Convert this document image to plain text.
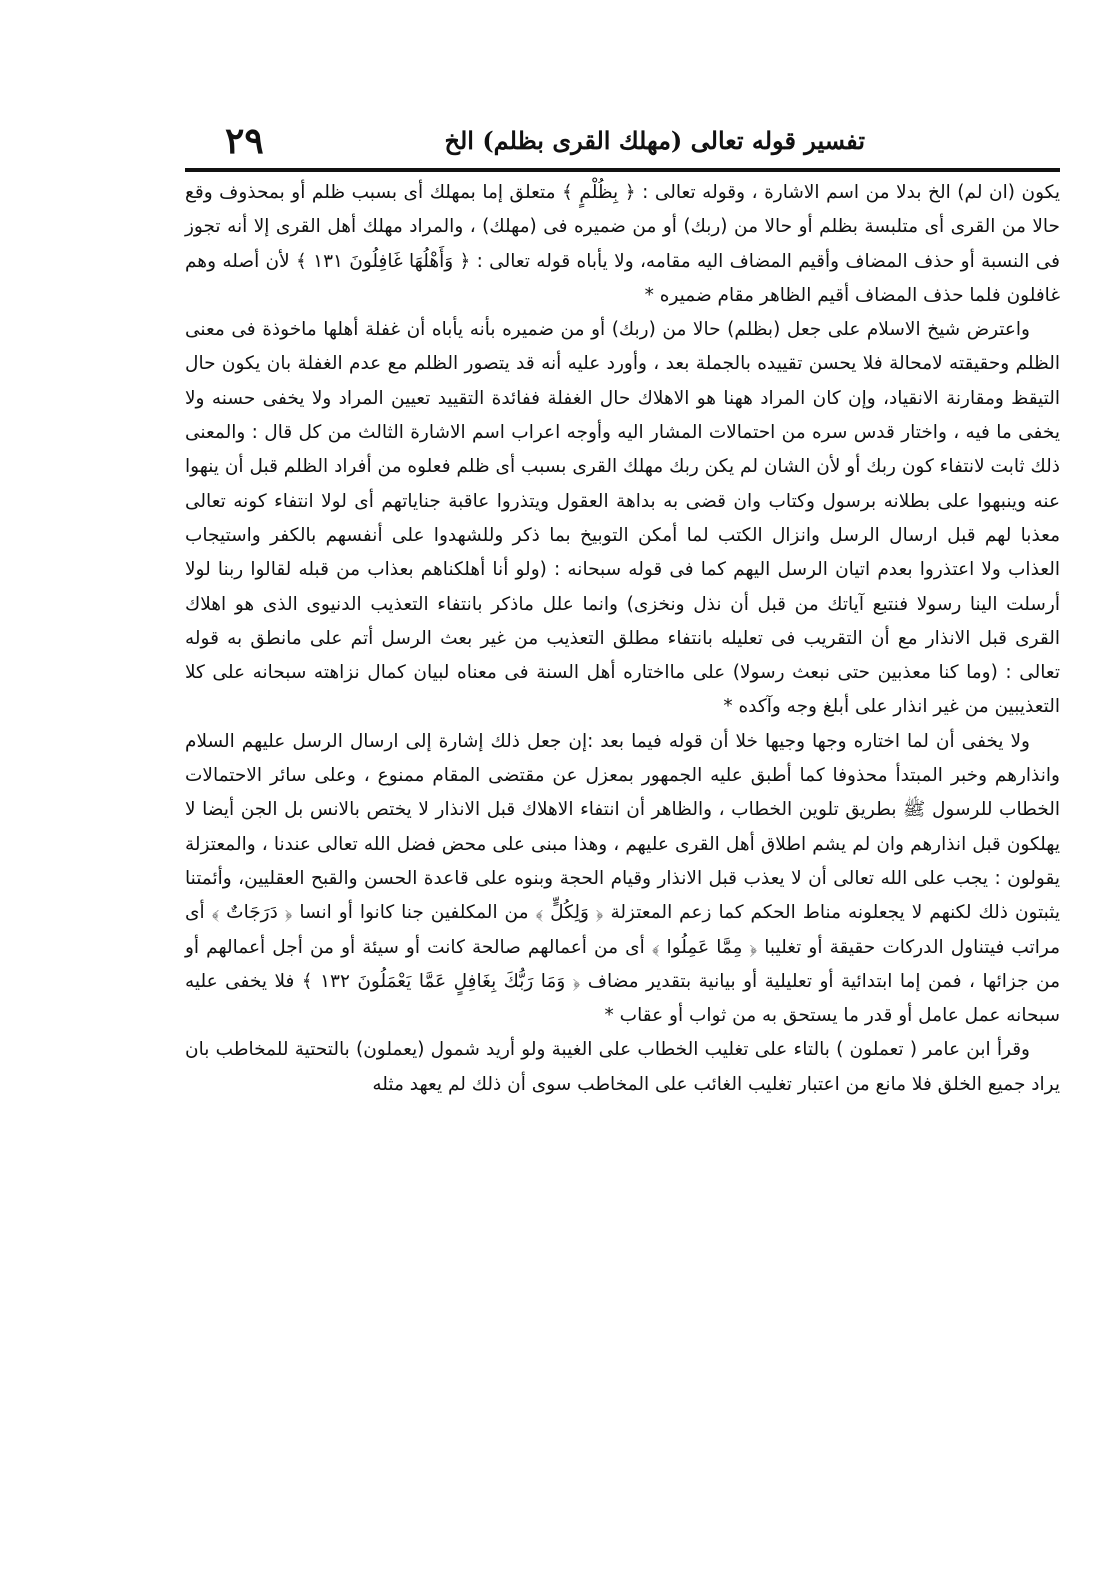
تفسير قوله تعالى (مهلك القرى بظلم) الخ
٢٩

يكون (ان لم) الخ بدلا من اسم الاشارة ، وقوله تعالى : ﴿ بِظُلْمٍ ﴾ متعلق إما بمهلك أى بسبب ظلم أو بمحذوف وقع حالا من القرى أى متلبسة بظلم أو حالا من (ربك) أو من ضميره فى (مهلك) ، والمراد مهلك أهل القرى إلا أنه تجوز فى النسبة أو حذف المضاف وأقيم المضاف اليه مقامه، ولا يأباه قوله تعالى : ﴿ وَأَهْلُهَا غَافِلُونَ ١٣١ ﴾ لأن أصله وهم غافلون فلما حذف المضاف أقيم الظاهر مقام ضميره *

واعترض شيخ الاسلام على جعل (بظلم) حالا من (ربك) أو من ضميره بأنه يأباه أن غفلة أهلها ماخوذة فى معنى الظلم وحقيقته لامحالة فلا يحسن تقييده بالجملة بعد ، وأورد عليه أنه قد يتصور الظلم مع عدم الغفلة بان يكون حال التيقظ ومقارنة الانقياد، وإن كان المراد ههنا هو الاهلاك حال الغفلة ففائدة التقييد تعيين المراد ولا يخفى حسنه ولا يخفى ما فيه ، واختار قدس سره من احتمالات المشار اليه وأوجه اعراب اسم الاشارة الثالث من كل قال : والمعنى ذلك ثابت لانتفاء كون ربك أو لأن الشان لم يكن ربك مهلك القرى بسبب أى ظلم فعلوه من أفراد الظلم قبل أن ينهوا عنه وينبهوا على بطلانه برسول وكتاب وان قضى به بداهة العقول ويتذروا عاقبة جناياتهم أى لولا انتفاء كونه تعالى معذبا لهم قبل ارسال الرسل وانزال الكتب لما أمكن التوبيخ بما ذكر وللشهدوا على أنفسهم بالكفر واستيجاب العذاب ولا اعتذروا بعدم اتيان الرسل اليهم كما فى قوله سبحانه : (ولو أنا أهلكناهم بعذاب من قبله لقالوا ربنا لولا أرسلت الينا رسولا فنتبع آياتك من قبل أن نذل ونخزى) وانما علل ماذكر بانتفاء التعذيب الدنيوى الذى هو اهلاك القرى قبل الانذار مع أن التقريب فى تعليله بانتفاء مطلق التعذيب من غير بعث الرسل أتم على مانطق به قوله تعالى : (وما كنا معذبين حتى نبعث رسولا) على مااختاره أهل السنة فى معناه لبيان كمال نزاهته سبحانه على كلا التعذيبين من غير انذار على أبلغ وجه وآكده *

ولا يخفى أن لما اختاره وجها وجيها خلا أن قوله فيما بعد :إن جعل ذلك إشارة إلى ارسال الرسل عليهم السلام وانذارهم وخبر المبتدأ محذوفا كما أطبق عليه الجمهور بمعزل عن مقتضى المقام ممنوع ، وعلى سائر الاحتمالات الخطاب للرسول ﷺ بطريق تلوين الخطاب ، والظاهر أن انتفاء الاهلاك قبل الانذار لا يختص بالانس بل الجن أيضا لا يهلكون قبل انذارهم وان لم يشم اطلاق أهل القرى عليهم ، وهذا مبنى على محض فضل الله تعالى عندنا ، والمعتزلة يقولون : يجب على الله تعالى أن لا يعذب قبل الانذار وقيام الحجة وبنوه على قاعدة الحسن والقبح العقليين، وأئمتنا يثبتون ذلك لكنهم لا يجعلونه مناط الحكم كما زعم المعتزلة ﴿ وَلِكُلٍّ ﴾ من المكلفين جنا كانوا أو انسا ﴿ دَرَجَاتٌ ﴾ أى مراتب فيتناول الدركات حقيقة أو تغليبا ﴿ مِمَّا عَمِلُوا ﴾ أى من أعمالهم صالحة كانت أو سيئة أو من أجل أعمالهم أو من جزائها ، فمن إما ابتدائية أو تعليلية أو بيانية بتقدير مضاف ﴿ وَمَا رَبُّكَ بِغَافِلٍ عَمَّا يَعْمَلُونَ ١٣٢ ﴾ فلا يخفى عليه سبحانه عمل عامل أو قدر ما يستحق به من ثواب أو عقاب *

وقرأ ابن عامر ( تعملون ) بالتاء على تغليب الخطاب على الغيبة ولو أريد شمول (يعملون) بالتحتية للمخاطب بان يراد جميع الخلق فلا مانع من اعتبار تغليب الغائب على المخاطب سوى أن ذلك لم يعهد مثله
